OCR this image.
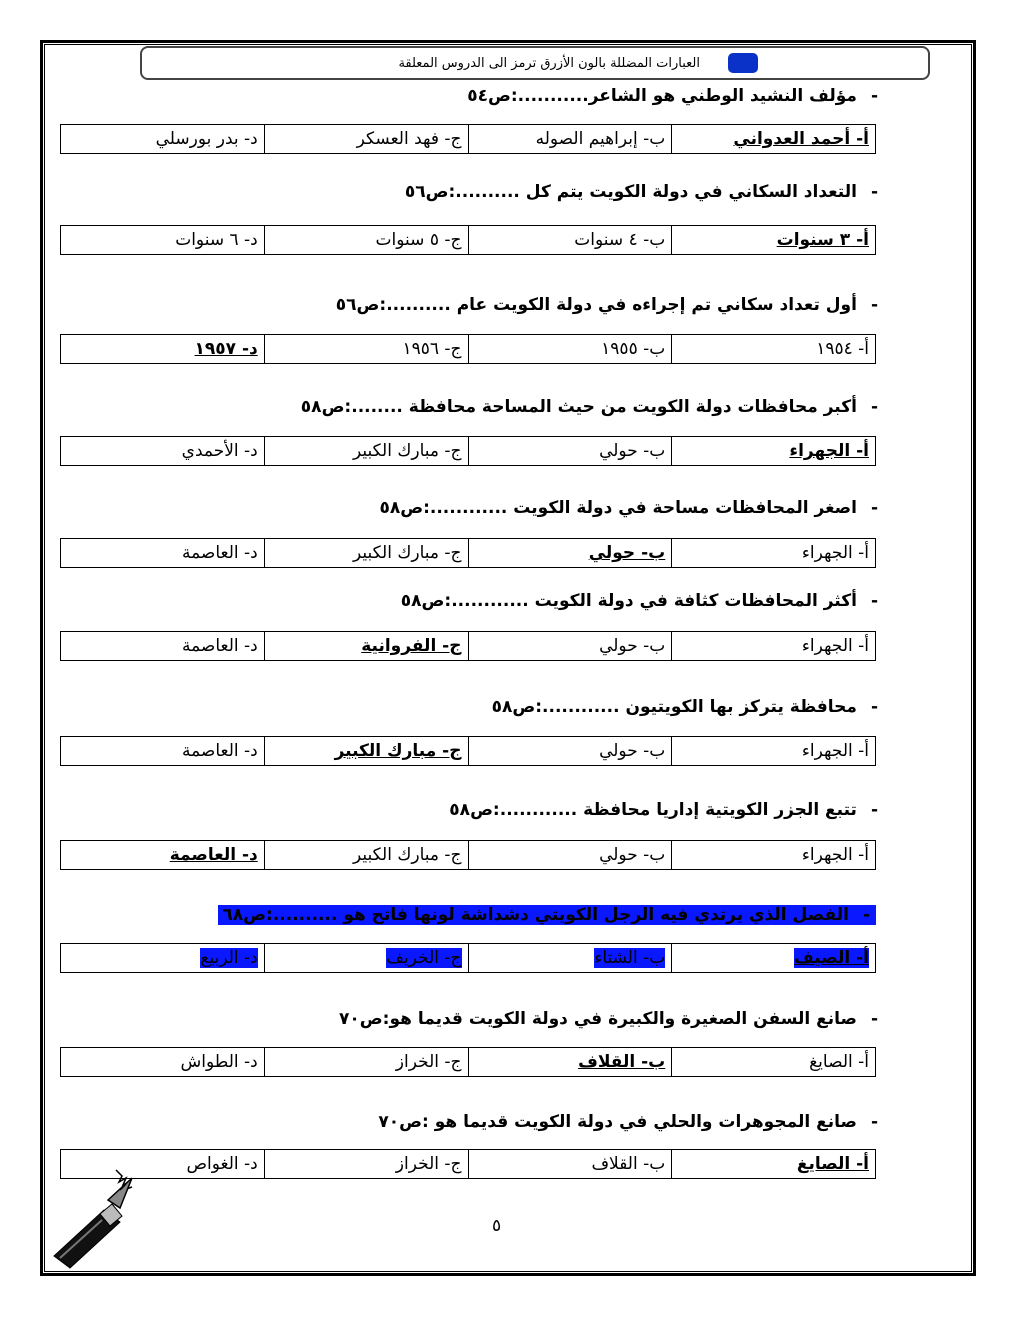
العبارات المضللة بالون الأزرق ترمز الى الدروس المعلقة
-مؤلف النشيد الوطني هو الشاعر...........:ص٥٤
أ- أحمد العدواني
ب- إبراهيم الصوله
ج- فهد العسكر
د- بدر بورسلي
-التعداد السكاني في دولة الكويت يتم كل ..........:ص٥٦
أ- ٣ سنوات
ب- ٤ سنوات
ج- ٥ سنوات
د- ٦ سنوات
-أول تعداد سكاني تم إجراءه في دولة الكويت عام ..........:ص٥٦
أ- ١٩٥٤
ب- ١٩٥٥
ج- ١٩٥٦
د- ١٩٥٧
-أكبر محافظات دولة الكويت من حيث المساحة محافظة ........:ص٥٨
أ- الجهراء
ب- حولي
ج- مبارك الكبير
د- الأحمدي
-اصغر المحافظات مساحة في دولة الكويت ............:ص٥٨
أ- الجهراء
ب- حولي
ج- مبارك الكبير
د- العاصمة
-أكثر المحافظات كثافة في دولة الكويت ............:ص٥٨
أ- الجهراء
ب- حولي
ج- الفروانية
د- العاصمة
-محافظة يتركز بها الكويتيون ............:ص٥٨
أ- الجهراء
ب- حولي
ج- مبارك الكبير
د- العاصمة
-تتبع الجزر الكويتية إداريا محافظة ............:ص٥٨
أ- الجهراء
ب- حولي
ج- مبارك الكبير
د- العاصمة
-الفصل الذي يرتدي فيه الرجل الكويتي دشداشة لونها فاتح هو ..........:ص٦٨
أ- الصيف
ب- الشتاء
ج- الخريف
د- الربيع
-صانع السفن الصغيرة والكبيرة في دولة الكويت قديما هو:ص٧٠
أ- الصايغ
ب- القلاف
ج- الخراز
د- الطواش
-صانع المجوهرات والحلي في دولة الكويت قديما هو :ص٧٠
أ- الصايغ
ب- القلاف
ج- الخراز
د- الغواص
٥
